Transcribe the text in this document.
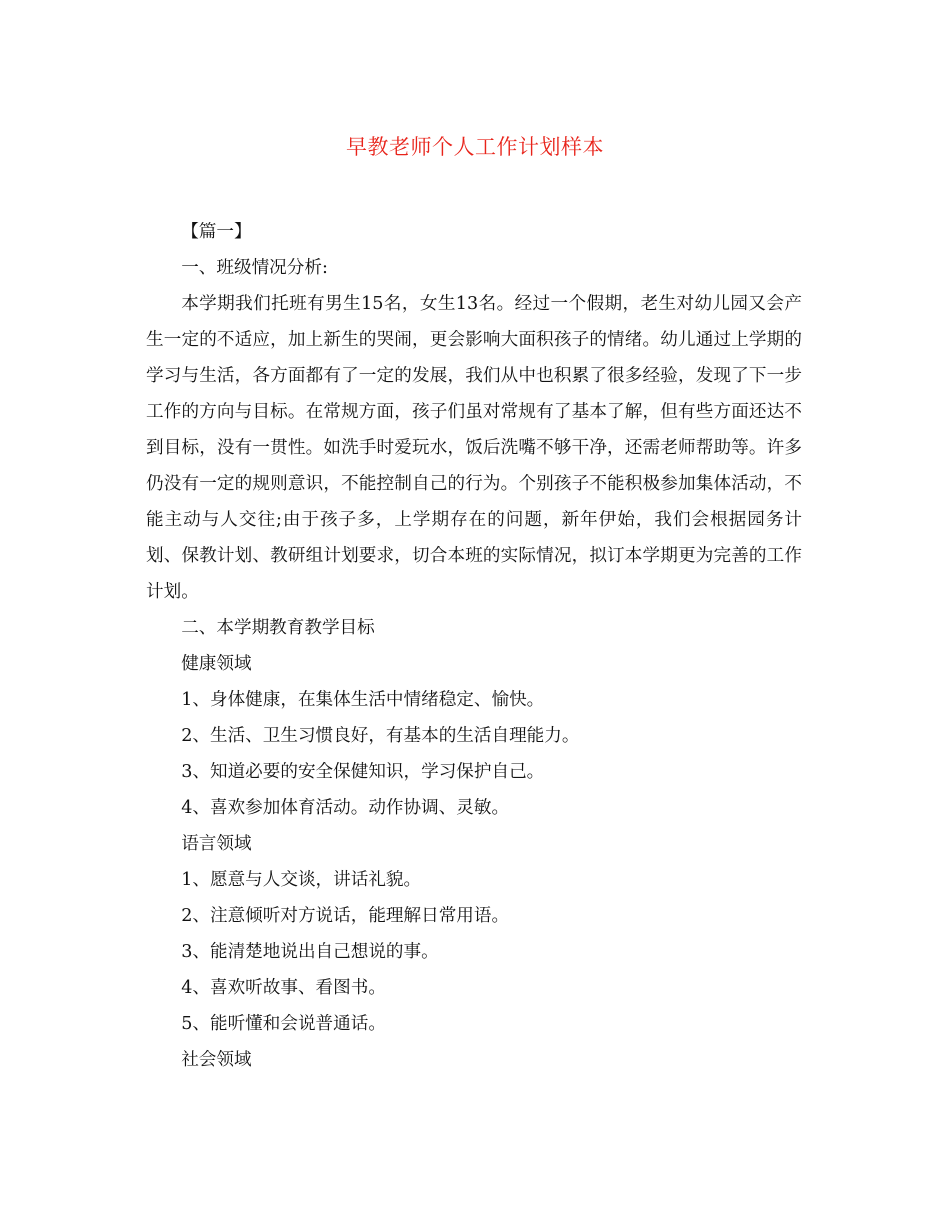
早教老师个人工作计划样本

【篇一】

一、班级情况分析:

本学期我们托班有男生15名，女生13名。经过一个假期，老生对幼儿园又会产生一定的不适应，加上新生的哭闹，更会影响大面积孩子的情绪。幼儿通过上学期的学习与生活，各方面都有了一定的发展，我们从中也积累了很多经验，发现了下一步工作的方向与目标。在常规方面，孩子们虽对常规有了基本了解，但有些方面还达不到目标，没有一贯性。如洗手时爱玩水，饭后洗嘴不够干净，还需老师帮助等。许多仍没有一定的规则意识，不能控制自己的行为。个别孩子不能积极参加集体活动，不能主动与人交往;由于孩子多，上学期存在的问题，新年伊始，我们会根据园务计划、保教计划、教研组计划要求，切合本班的实际情况，拟订本学期更为完善的工作计划。

二、本学期教育教学目标

健康领域

1、身体健康，在集体生活中情绪稳定、愉快。

2、生活、卫生习惯良好，有基本的生活自理能力。

3、知道必要的安全保健知识，学习保护自己。

4、喜欢参加体育活动。动作协调、灵敏。

语言领域

1、愿意与人交谈，讲话礼貌。

2、注意倾听对方说话，能理解日常用语。

3、能清楚地说出自己想说的事。

4、喜欢听故事、看图书。

5、能听懂和会说普通话。

社会领域
